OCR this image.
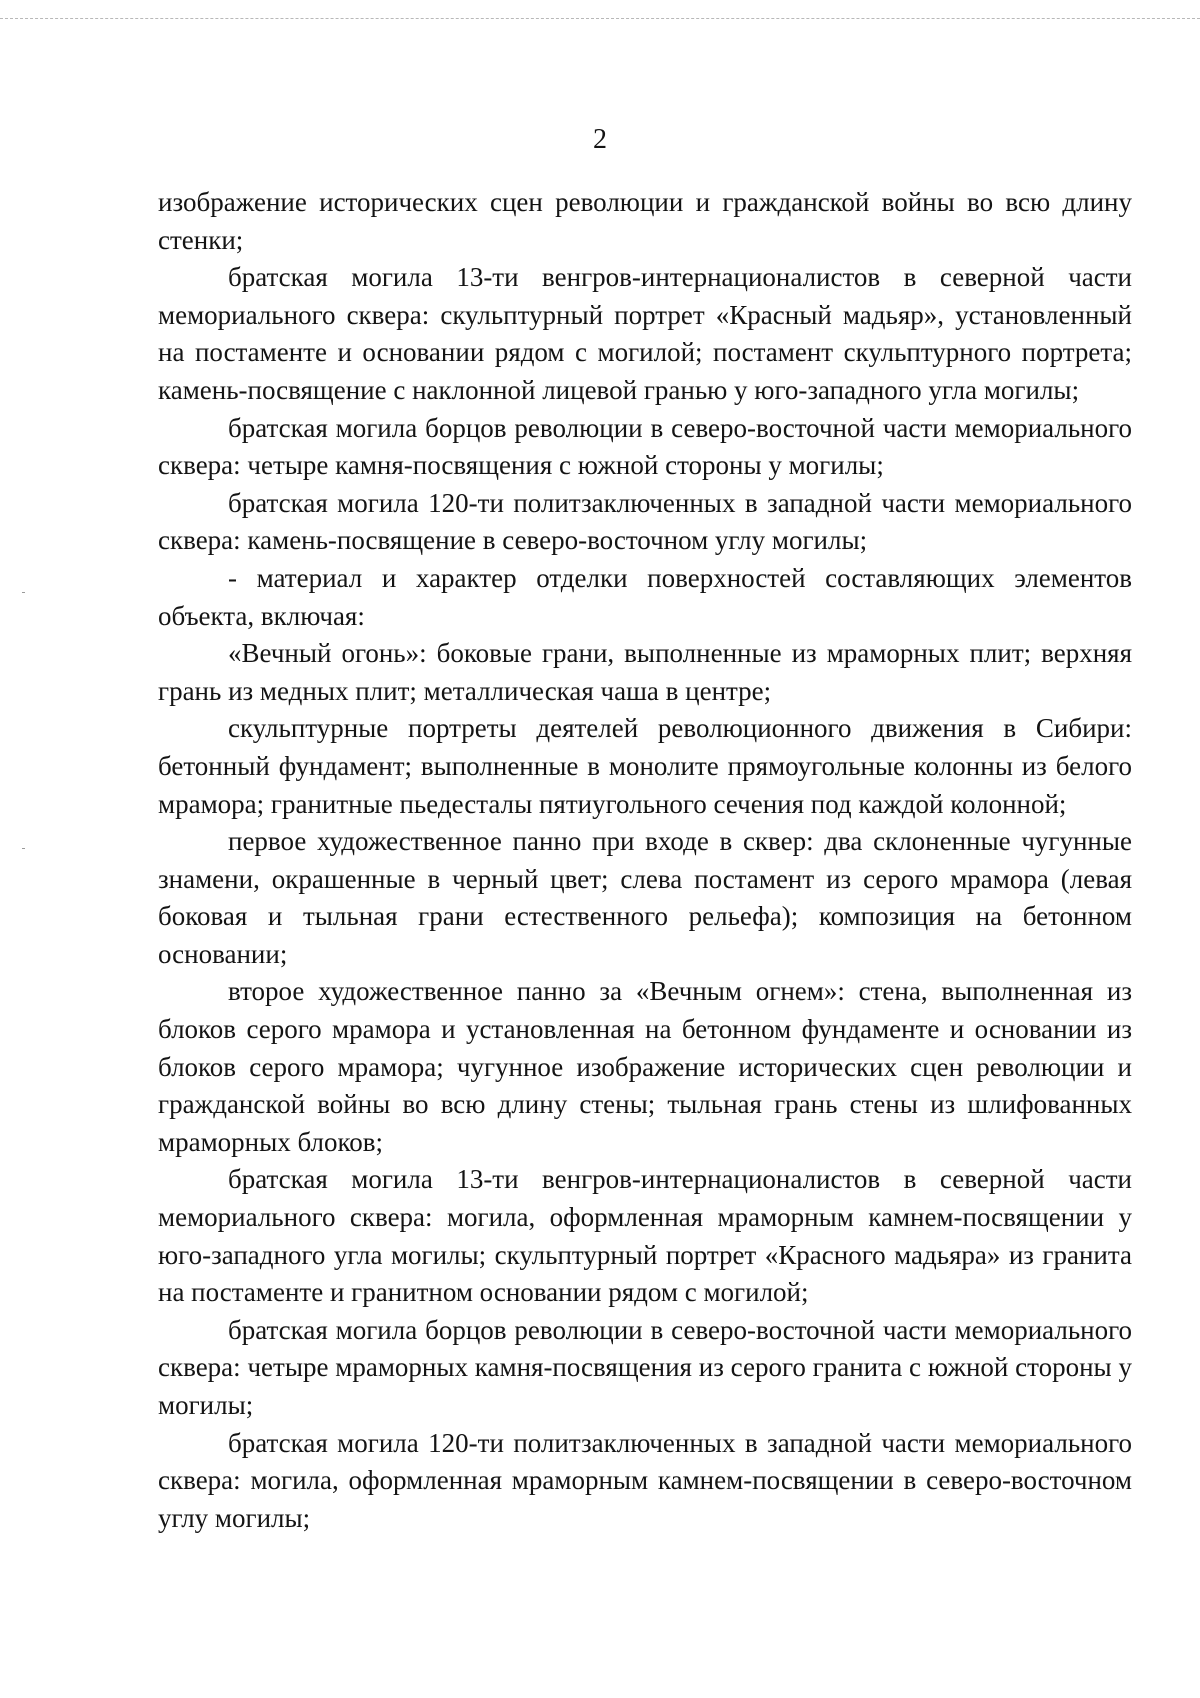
2

изображение исторических сцен революции и гражданской войны во всю длину стенки;

братская могила 13-ти венгров-интернационалистов в северной части мемориального сквера: скульптурный портрет «Красный мадьяр», установленный на постаменте и основании рядом с могилой; постамент скульптурного портрета; камень-посвящение с наклонной лицевой гранью у юго-западного угла могилы;

братская могила борцов революции в северо-восточной части мемориального сквера: четыре камня-посвящения с южной стороны у могилы;

братская могила 120-ти политзаключенных в западной части мемориального сквера: камень-посвящение в северо-восточном углу могилы;

- материал и характер отделки поверхностей составляющих элементов объекта, включая:

«Вечный огонь»: боковые грани, выполненные из мраморных плит; верхняя грань из медных плит; металлическая чаша в центре;

скульптурные портреты деятелей революционного движения в Сибири: бетонный фундамент; выполненные в монолите прямоугольные колонны из белого мрамора; гранитные пьедесталы пятиугольного сечения под каждой колонной;

первое художественное панно при входе в сквер: два склоненные чугунные знамени, окрашенные в черный цвет; слева постамент из серого мрамора (левая боковая и тыльная грани естественного рельефа); композиция на бетонном основании;

второе художественное панно за «Вечным огнем»: стена, выполненная из блоков серого мрамора и установленная на бетонном фундаменте и основании из блоков серого мрамора; чугунное изображение исторических сцен революции и гражданской войны во всю длину стены; тыльная грань стены из шлифованных мраморных блоков;

братская могила 13-ти венгров-интернационалистов в северной части мемориального сквера: могила, оформленная мраморным камнем-посвящении у юго-западного угла могилы; скульптурный портрет «Красного мадьяра» из гранита на постаменте и гранитном основании рядом с могилой;

братская могила борцов революции в северо-восточной части мемориального сквера: четыре мраморных камня-посвящения из серого гранита с южной стороны у могилы;

братская могила 120-ти политзаключенных в западной части мемориального сквера: могила, оформленная мраморным камнем-посвящении в северо-восточном углу могилы;
